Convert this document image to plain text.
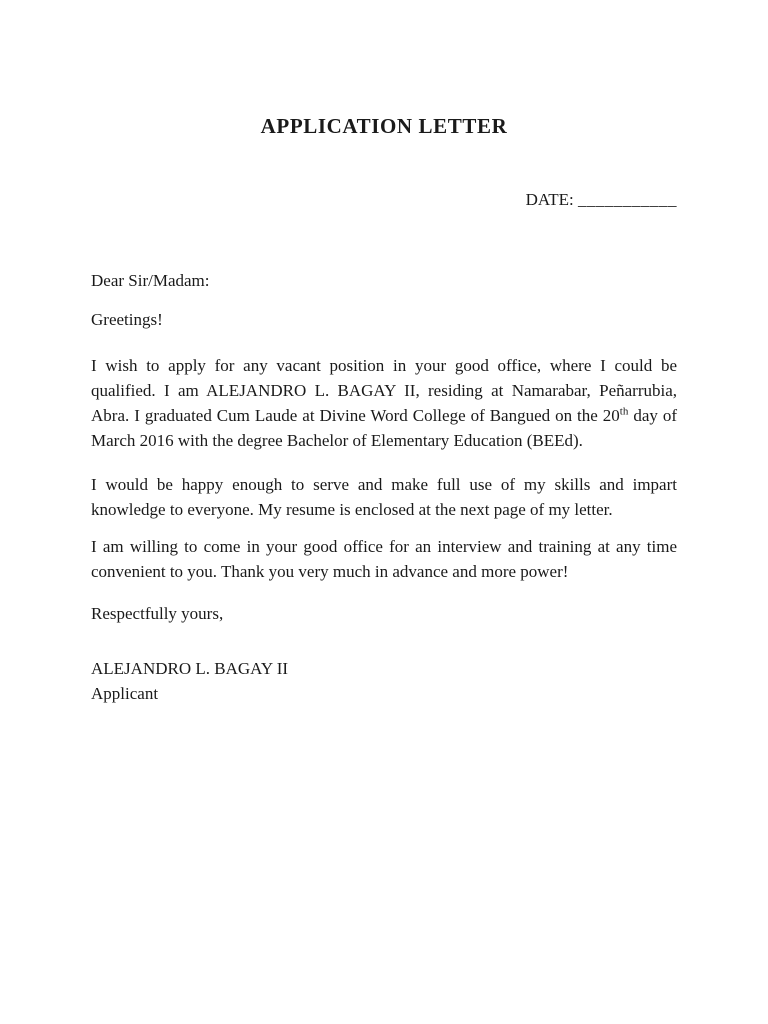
APPLICATION LETTER
DATE: ___________

Dear Sir/Madam:

Greetings!

I wish to apply for any vacant position in your good office, where I could be qualified. I am ALEJANDRO L. BAGAY II, residing at Namarabar, Peñarrubia, Abra. I graduated Cum Laude at Divine Word College of Bangued on the 20th day of March 2016 with the degree Bachelor of Elementary Education (BEEd).

I would be happy enough to serve and make full use of my skills and impart knowledge to everyone. My resume is enclosed at the next page of my letter.

I am willing to come in your good office for an interview and training at any time convenient to you. Thank you very much in advance and more power!

Respectfully yours,

ALEJANDRO L. BAGAY II

Applicant
